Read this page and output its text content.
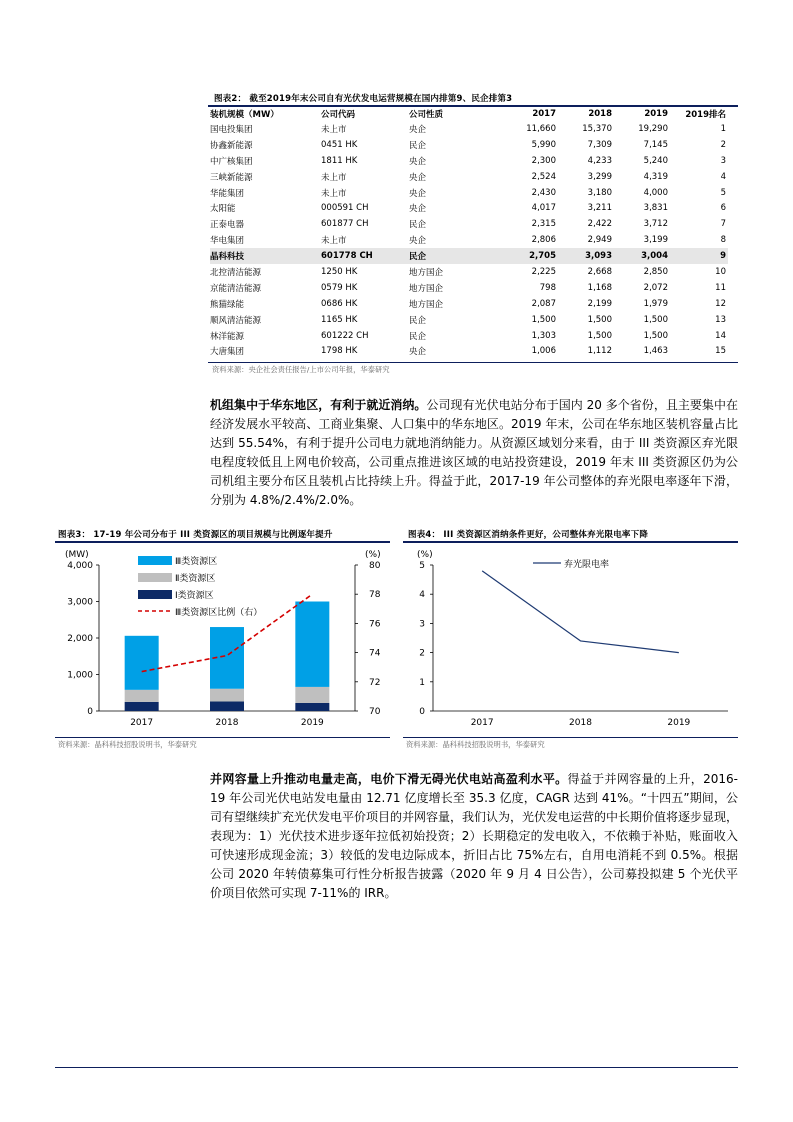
图表2： 截至2019年末公司自有光伏发电运营规模在国内排第9、民企排第3
装机规模（MW）	公司代码	公司性质	2017	2018	2019	2019排名
国电投集团	未上市	央企	11,660	15,370	19,290	1
协鑫新能源	0451 HK	民企	5,990	7,309	7,145	2
中广核集团	1811 HK	央企	2,300	4,233	5,240	3
三峡新能源	未上市	央企	2,524	3,299	4,319	4
华能集团	未上市	央企	2,430	3,180	4,000	5
太阳能	000591 CH	央企	4,017	3,211	3,831	6
正泰电器	601877 CH	民企	2,315	2,422	3,712	7
华电集团	未上市	央企	2,806	2,949	3,199	8
晶科科技	601778 CH	民企	2,705	3,093	3,004	9
北控清洁能源	1250 HK	地方国企	2,225	2,668	2,850	10
京能清洁能源	0579 HK	地方国企	798	1,168	2,072	11
熊猫绿能	0686 HK	地方国企	2,087	2,199	1,979	12
顺风清洁能源	1165 HK	民企	1,500	1,500	1,500	13
林洋能源	601222 CH	民企	1,303	1,500	1,500	14
大唐集团	1798 HK	央企	1,006	1,112	1,463	15
资料来源：央企社会责任报告/上市公司年报，华泰研究
机组集中于华东地区，有利于就近消纳。公司现有光伏电站分布于国内 20 多个省份，且主要集中在经济发展水平较高、工商业集聚、人口集中的华东地区。2019 年末，公司在华东地区装机容量占比达到 55.54%，有利于提升公司电力就地消纳能力。从资源区域划分来看，由于 III 类资源区弃光限电程度较低且上网电价较高，公司重点推进该区域的电站投资建设，2019 年末 III 类资源区仍为公司机组主要分布区且装机占比持续上升。得益于此，2017-19 年公司整体的弃光限电率逐年下滑，分别为 4.8%/2.4%/2.0%。
图表3： 17-19 年公司分布于 III 类资源区的项目规模与比例逐年提升
(MW)	(%)
0
1,000
2,000
3,000
4,000
70
72
74
76
78
80
2017	2018	2019
Ⅲ类资源区
Ⅱ类资源区
Ⅰ类资源区
Ⅲ类资源区比例（右）
资料来源：晶科科技招股说明书，华泰研究
图表4： III 类资源区消纳条件更好，公司整体弃光限电率下降
(%)
0
1
2
3
4
5
2017	2018	2019
弃光限电率
资料来源：晶科科技招股说明书，华泰研究
并网容量上升推动电量走高，电价下滑无碍光伏电站高盈利水平。得益于并网容量的上升，2016-19 年公司光伏电站发电量由 12.71 亿度增长至 35.3 亿度，CAGR 达到 41%。“十四五”期间，公司有望继续扩充光伏发电平价项目的并网容量，我们认为，光伏发电运营的中长期价值将逐步显现，表现为：1）光伏技术进步逐年拉低初始投资；2）长期稳定的发电收入，不依赖于补贴，账面收入可快速形成现金流；3）较低的发电边际成本，折旧占比 75%左右，自用电消耗不到 0.5%。根据公司 2020 年转债募集可行性分析报告披露（2020 年 9 月 4 日公告），公司募投拟建 5 个光伏平价项目依然可实现 7-11%的 IRR。
